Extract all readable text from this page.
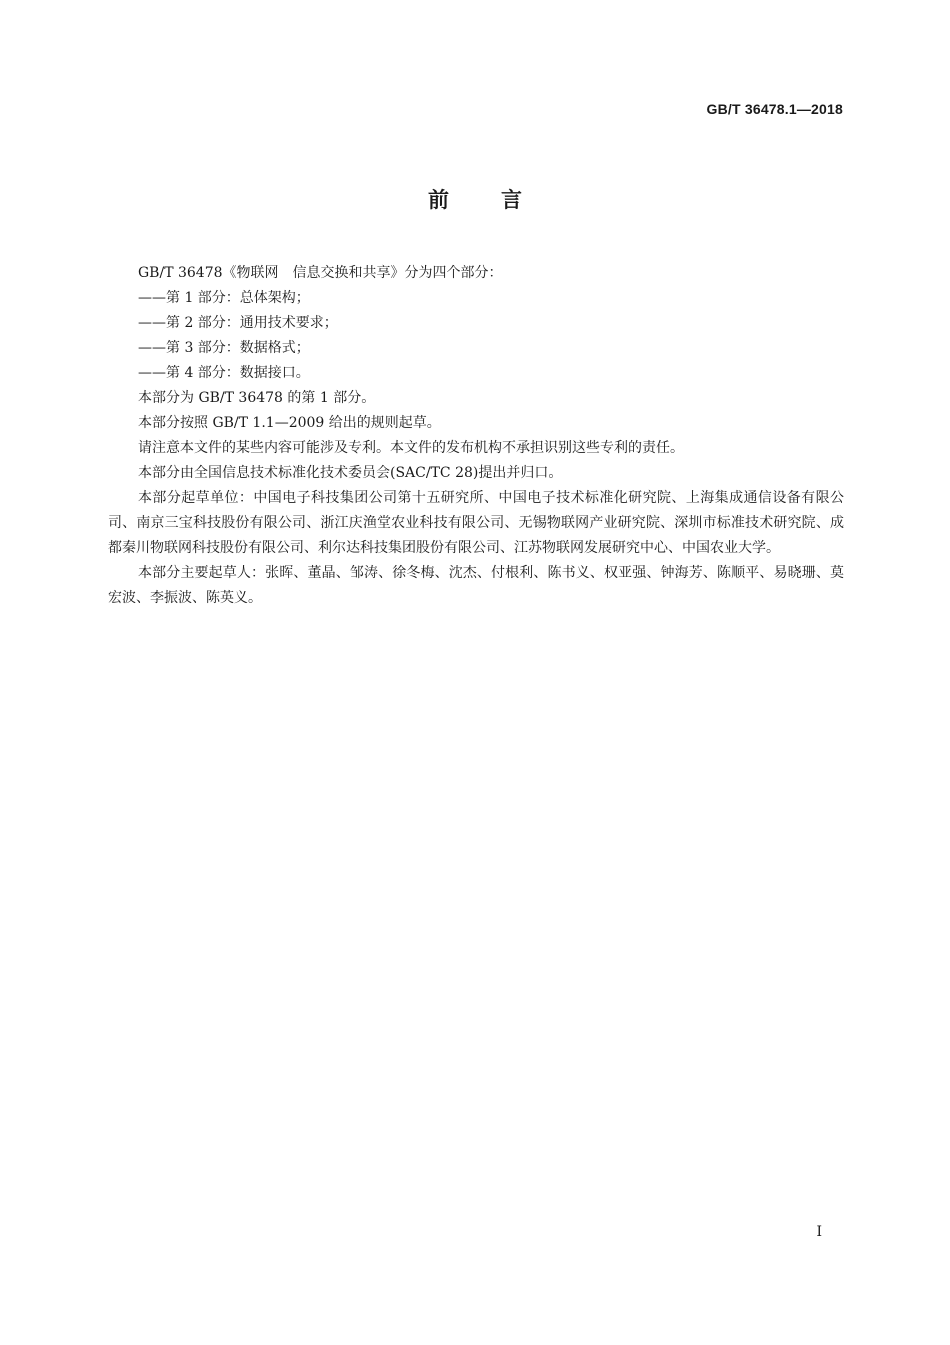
GB/T 36478.1—2018
前言

GB/T 36478《物联网　信息交换和共享》分为四个部分：

——第 1 部分：总体架构；

——第 2 部分：通用技术要求；

——第 3 部分：数据格式；

——第 4 部分：数据接口。

本部分为 GB/T 36478 的第 1 部分。

本部分按照 GB/T 1.1—2009 给出的规则起草。

请注意本文件的某些内容可能涉及专利。本文件的发布机构不承担识别这些专利的责任。

本部分由全国信息技术标准化技术委员会(SAC/TC 28)提出并归口。

本部分起草单位：中国电子科技集团公司第十五研究所、中国电子技术标准化研究院、上海集成通信设备有限公司、南京三宝科技股份有限公司、浙江庆渔堂农业科技有限公司、无锡物联网产业研究院、深圳市标准技术研究院、成都秦川物联网科技股份有限公司、利尔达科技集团股份有限公司、江苏物联网发展研究中心、中国农业大学。

本部分主要起草人：张晖、董晶、邹涛、徐冬梅、沈杰、付根利、陈书义、权亚强、钟海芳、陈顺平、易晓珊、莫宏波、李振波、陈英义。

I
